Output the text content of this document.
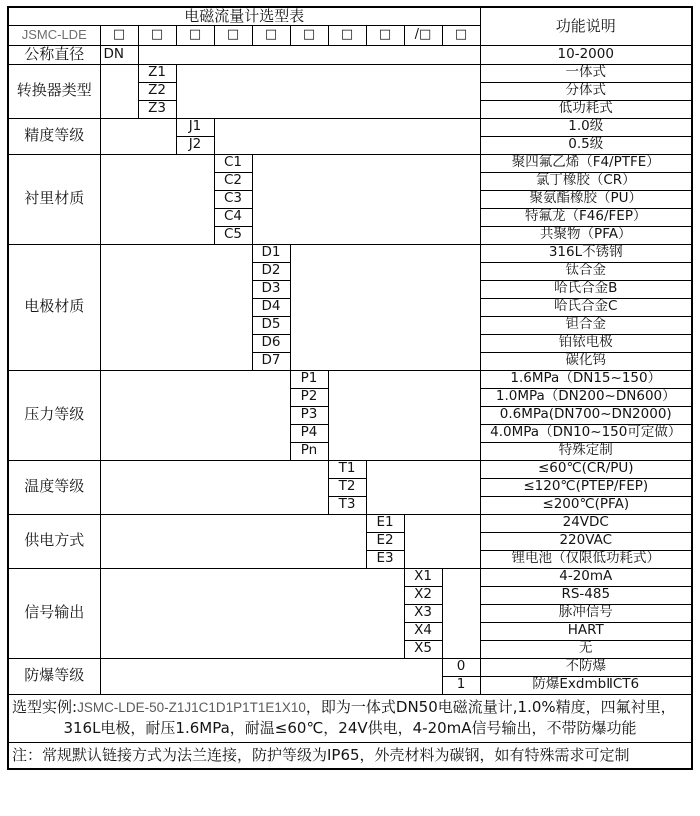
电磁流量计选型表											功能说明
JSMC-LDE	□	□	□	□	□	□	□	□	/□	□	
公称直径	DN										10-2000
转换器类型		Z1									一体式
		Z2									分体式
		Z3									低功耗式
精度等级			J1								1.0级
			J2								0.5级
衬里材质				C1							聚四氟乙烯（F4/PTFE）
				C2							氯丁橡胶（CR）
				C3							聚氨酯橡胶（PU）
				C4							特氟龙（F46/FEP）
				C5							共聚物（PFA）
电极材质					D1						316L不锈钢
					D2						钛合金
					D3						哈氏合金B
					D4						哈氏合金C
					D5						钽合金
					D6						铂铱电极
					D7						碳化钨
压力等级						P1					1.6MPa（DN15~150）
						P2					1.0MPa（DN200~DN600）
						P3					0.6MPa(DN700~DN2000)
						P4					4.0MPa（DN10~150可定做）
						Pn					特殊定制
温度等级							T1				≤60℃(CR/PU)
							T2				≤120℃(PTEP/FEP)
							T3				≤200℃(PFA)
供电方式								E1			24VDC
								E2			220VAC
								E3			锂电池（仅限低功耗式）
信号输出									X1		4-20mA
									X2		RS-485
									X3		脉冲信号
									X4		HART
									X5		无
防爆等级										0	不防爆
										1	防爆ExdmbⅡCT6

选型实例:JSMC-LDE-50-Z1J1C1D1P1T1E1X10，即为一体式DN50电磁流量计,1.0%精度，四氟衬里，
316L电极，耐压1.6MPa，耐温≤60℃，24V供电，4-20mA信号输出，不带防爆功能											

注：常规默认链接方式为法兰连接，防护等级为IP65，外壳材料为碳钢，如有特殊需求可定制											
